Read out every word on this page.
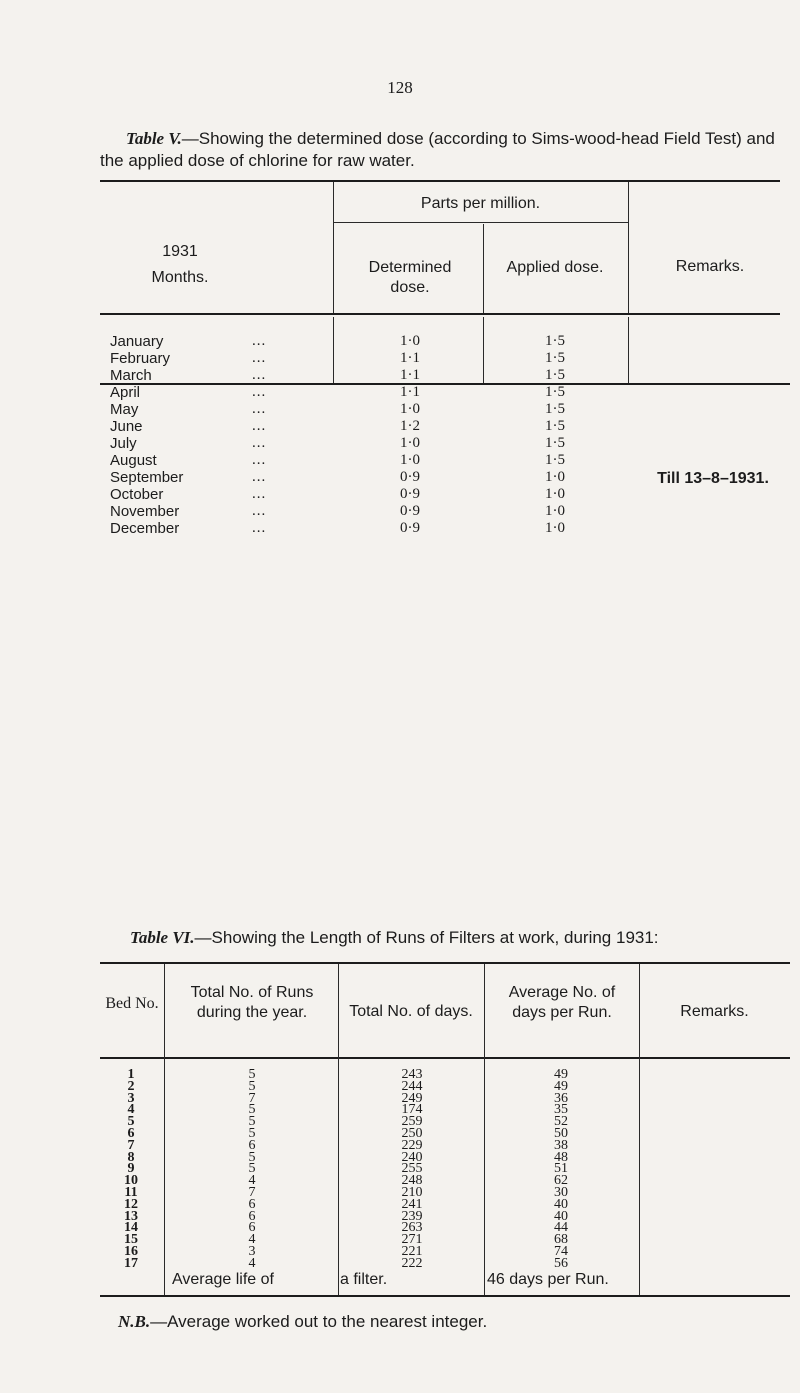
128
Table V.—Showing the determined dose (according to Sims-wood-head Field Test) and the applied dose of chlorine for raw water.
1931
Months.
Parts per million.
Determined dose.
Applied dose.	Remarks.
January	...	1·0	1·5
February	...	1·1	1·5
March	...	1·1	1·5
April	...	1·1	1·5
May	...	1·0	1·5
June	...	1·2	1·5
July	...	1·0	1·5
August	...	1·0	1·5
September	...	0·9	1·0
October	...	0·9	1·0
November	...	0·9	1·0
December	...	0·9	1·0
Till 13–8–1931.
Table VI.—Showing the Length of Runs of Filters at work, during 1931:
Bed No.
Total No. of Runs during the year.	Total No. of days.
Average No. of days per Run.	Remarks.
1	5	243	49
2	5	244	49
3	7	249	36
4	5	174	35
5	5	259	52
6	5	250	50
7	6	229	38
8	5	240	48
9	5	255	51
10	4	248	62
11	7	210	30
12	6	241	40
13	6	239	40
14	6	263	44
15	4	271	68
16	3	221	74
17	4	222	56
Average life of	a filter.	46 days per Run.
N.B.—Average worked out to the nearest integer.
